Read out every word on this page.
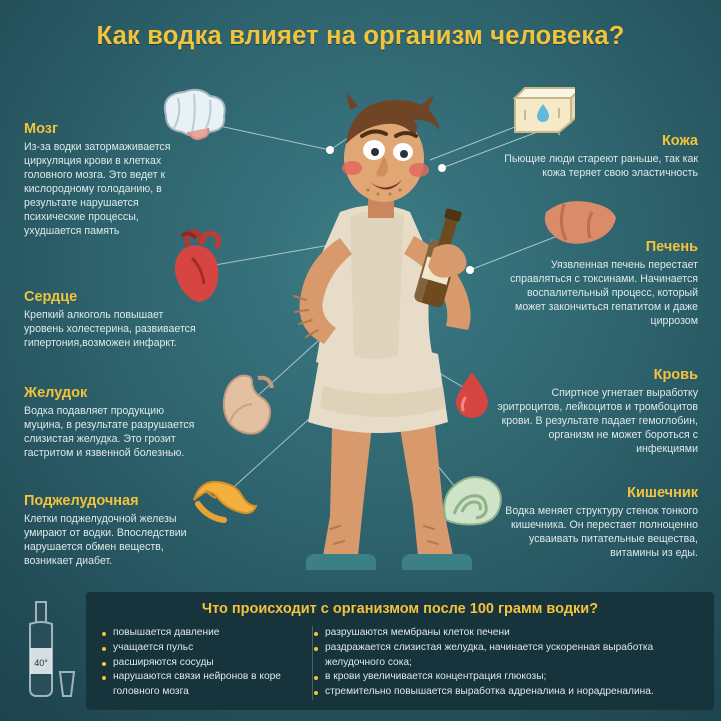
Как водка влияет на организм человека?
Мозг
Из-за водки затормаживается циркуляция крови в клетках головного мозга. Это ведет к кислородному голоданию, в результате нарушается психические процессы, ухудшается память
Сердце
Крепкий алкоголь повышает уровень холестерина, развивается гипертония,возможен инфаркт.
Желудок
Водка подавляет продукцию муцина, в результате разрушается слизистая желудка. Это грозит гастритом и язвенной болезнью.
Поджелудочная
Клетки поджелудочной железы умирают от водки. Впоследствии нарушается обмен веществ, возникает диабет.
Кожа
Пьющие люди стареют раньше, так как кожа теряет свою эластичность
Печень
Уязвленная печень перестает справляться с токсинами. Начинается воспалительный процесс, который может закончиться гепатитом и даже циррозом
Кровь
Спиртное угнетает выработку эритроцитов, лейкоцитов и тромбоцитов крови. В результате падает гемоглобин, организм не может бороться с инфекциями
Кишечник
Водка меняет структуру стенок тонкого кишечника. Он перестает полноценно усваивать питательные вещества, витамины из еды.
40°
Что происходит с организмом после 100 грамм водки?
повышается давление
учащается пульс
расширяются сосуды
нарушаются связи нейронов в коре головного мозга
разрушаются мембраны клеток печени
раздражается слизистая желудка, начинается ускоренная выработка желудочного сока;
в крови увеличивается концентрация глюкозы;
стремительно повышается выработка адреналина и норадреналина.
